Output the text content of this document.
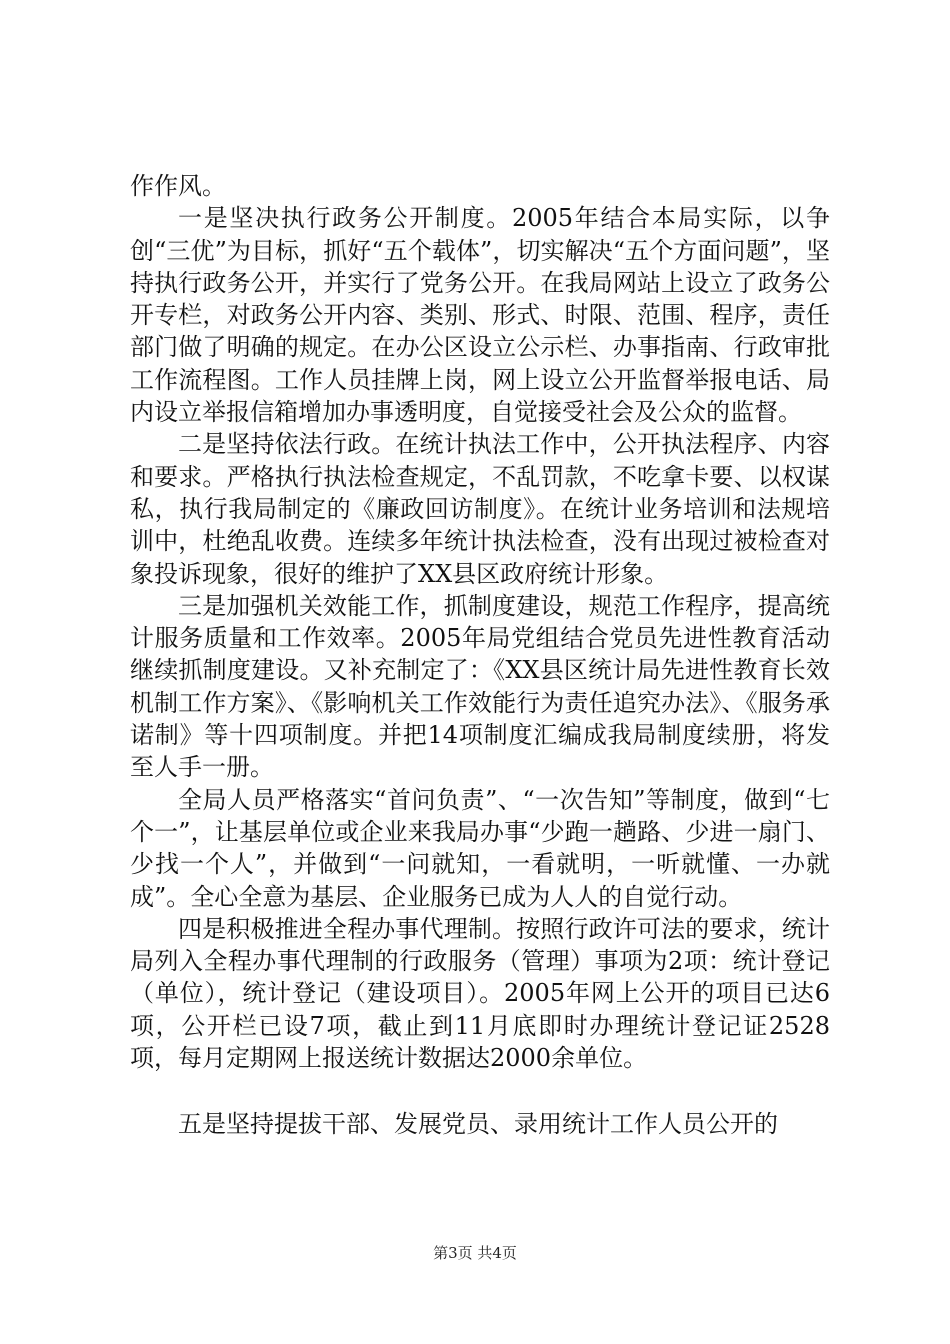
作作风。

一是坚决执行政务公开制度。2005年结合本局实际，以争创“三优”为目标，抓好“五个载体”，切实解决“五个方面问题”，坚持执行政务公开，并实行了党务公开。在我局网站上设立了政务公开专栏，对政务公开内容、类别、形式、时限、范围、程序，责任部门做了明确的规定。在办公区设立公示栏、办事指南、行政审批工作流程图。工作人员挂牌上岗，网上设立公开监督举报电话、局内设立举报信箱增加办事透明度，自觉接受社会及公众的监督。

二是坚持依法行政。在统计执法工作中，公开执法程序、内容和要求。严格执行执法检查规定，不乱罚款，不吃拿卡要、以权谋私，执行我局制定的《廉政回访制度》。在统计业务培训和法规培训中，杜绝乱收费。连续多年统计执法检查，没有出现过被检查对象投诉现象，很好的维护了XX县区政府统计形象。

三是加强机关效能工作，抓制度建设，规范工作程序，提高统计服务质量和工作效率。2005年局党组结合党员先进性教育活动继续抓制度建设。又补充制定了：《XX县区统计局先进性教育长效机制工作方案》、《影响机关工作效能行为责任追究办法》、《服务承诺制》等十四项制度。并把14项制度汇编成我局制度续册，将发至人手一册。

全局人员严格落实“首问负责”、“一次告知”等制度，做到“七个一”，让基层单位或企业来我局办事“少跑一趟路、少进一扇门、少找一个人”，并做到“一问就知，一看就明，一听就懂、一办就成”。全心全意为基层、企业服务已成为人人的自觉行动。

四是积极推进全程办事代理制。按照行政许可法的要求，统计局列入全程办事代理制的行政服务（管理）事项为2项：统计登记（单位），统计登记（建设项目）。2005年网上公开的项目已达6项，公开栏已设7项，截止到11月底即时办理统计登记证2528项，每月定期网上报送统计数据达2000余单位。

五是坚持提拔干部、发展党员、录用统计工作人员公开的

第3页 共4页
